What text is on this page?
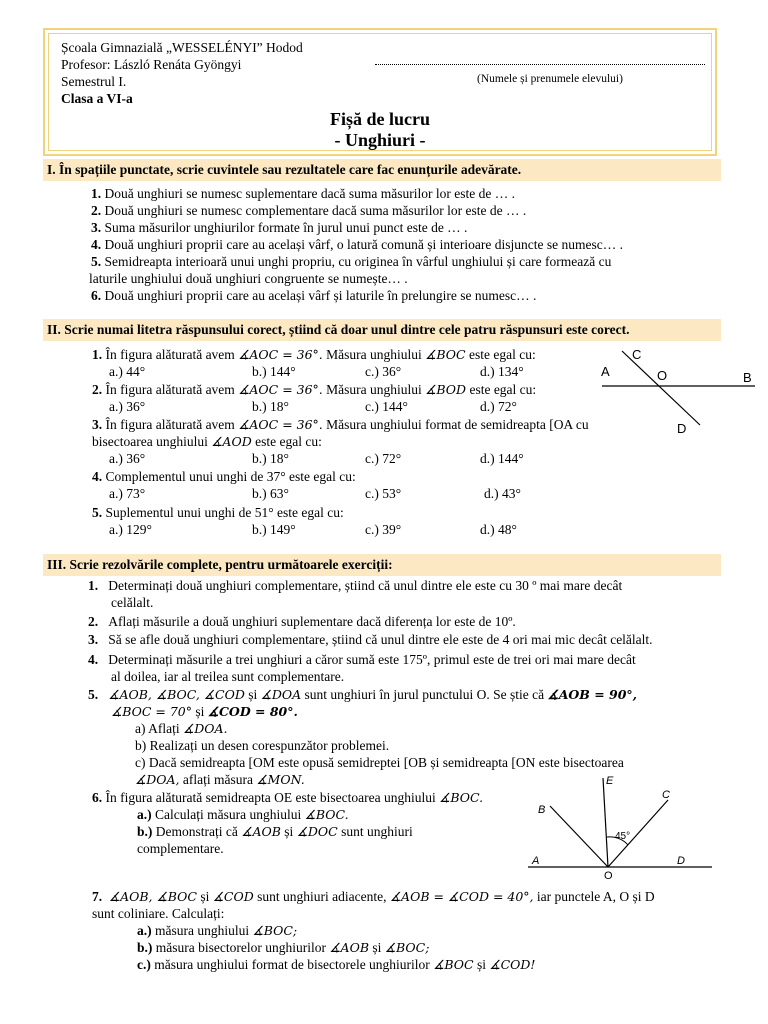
Școala Gimnazială „WESSELÉNYI” Hodod
Profesor: László Renáta Gyöngyi
Semestrul I.
Clasa a VI-a
(Numele și prenumele elevului)
Fișă de lucru
- Unghiuri -
I. În spațiile punctate, scrie cuvintele sau rezultatele care fac enunțurile adevărate.
1. Două unghiuri se numesc suplementare dacă suma măsurilor lor este de … .
2. Două unghiuri se numesc complementare dacă suma măsurilor lor este de … .
3. Suma măsurilor unghiurilor formate în jurul unui punct este de … .
4. Două unghiuri proprii care au același vârf, o latură comună și interioare disjuncte se numesc… .
5. Semidreapta interioară unui unghi propriu, cu originea în vârful unghiului și care formează cu
laturile unghiului două unghiuri congruente se numește… .
6. Două unghiuri proprii care au același vârf și laturile în prelungire se numesc… .
II. Scrie numai litetra răspunsului corect, știind că doar unul dintre cele patru răspunsuri este corect.
1. În figura alăturată avem ∡AOC = 36°. Măsura unghiului ∡BOC este egal cu:
a.) 44°	b.) 144°	c.) 36°	d.) 134°
2. În figura alăturată avem ∡AOC = 36°. Măsura unghiului ∡BOD este egal cu:
a.) 36°	b.) 18°	c.) 144°	d.) 72°
3. În figura alăturată avem ∡AOC = 36°. Măsura unghiului format de semidreapta [OA cu
bisectoarea unghiului ∡AOD este egal cu:
a.) 36°	b.) 18°	c.) 72°	d.) 144°
4. Complementul unui unghi de 37° este egal cu:
a.) 73°	b.) 63°	c.) 53°	d.) 43°
5. Suplementul unui unghi de 51° este egal cu:
a.) 129°	b.) 149°	c.) 39°	d.) 48°
C
A	O	B
D
III. Scrie rezolvările complete, pentru următoarele exerciții:
1. Determinați două unghiuri complementare, știind că unul dintre ele este cu 30 º mai mare decât
celălalt.
2. Aflați măsurile a două unghiuri suplementare dacă diferența lor este de 10º.
3. Să se afle două unghiuri complementare, știind că unul dintre ele este de 4 ori mai mic decât celălalt.
4. Determinați măsurile a trei unghiuri a căror sumă este 175º, primul este de trei ori mai mare decât
al doilea, iar al treilea sunt complementare.
5. ∡AOB, ∡BOC, ∡COD și ∡DOA sunt unghiuri în jurul punctului O. Se știe că ∡AOB = 90°,
∡BOC = 70° și ∡COD = 80°.
a) Aflați ∡DOA.
b) Realizați un desen corespunzător problemei.
c) Dacă semidreapta [OM este opusă semidreptei [OB și semidreapta [ON este bisectoarea
∡DOA, aflați măsura ∡MON.
6. În figura alăturată semidreapta OE este bisectoarea unghiului ∡BOC.
a.) Calculați măsura unghiului ∡BOC.
b.) Demonstrați că ∡AOB și ∡DOC sunt unghiuri
complementare.
E
B
C
A
O
D
45°
7. ∡AOB, ∡BOC și ∡COD sunt unghiuri adiacente, ∡AOB = ∡COD = 40°, iar punctele A, O și D
sunt coliniare. Calculați:
a.) măsura unghiului ∡BOC;
b.) măsura bisectorelor unghiurilor ∡AOB și ∡BOC;
c.) măsura unghiului format de bisectorele unghiurilor ∡BOC și ∡COD!
